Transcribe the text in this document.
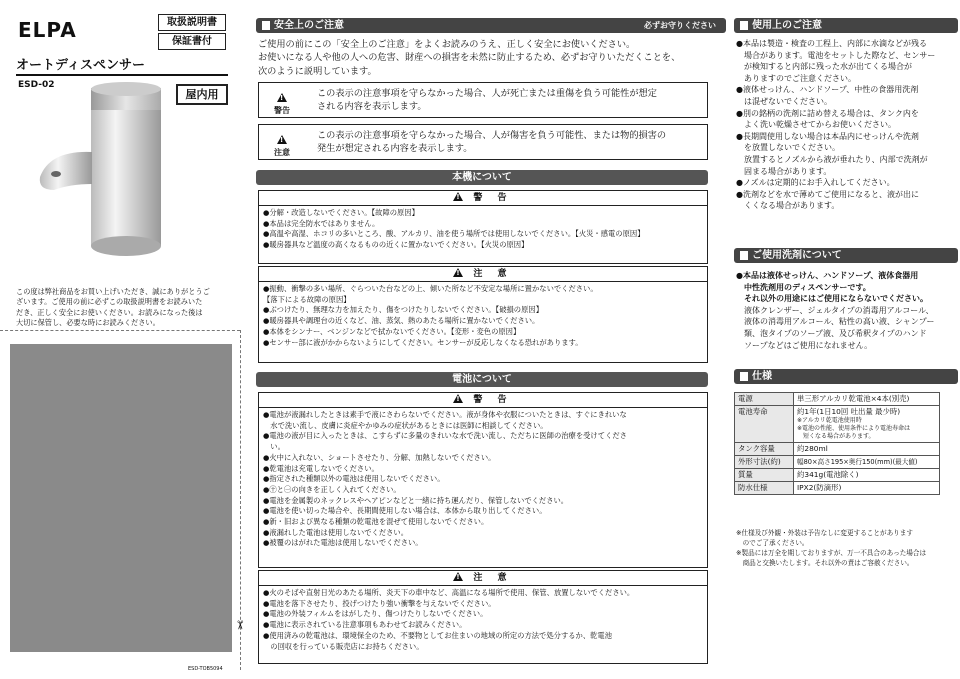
ELPA	取扱説明書
保証書付
オートディスペンサー
ESD-02
屋内用
この度は弊社商品をお買い上げいただき、誠にありがとうご
ざいます。ご使用の前に必ずこの取扱説明書をお読みいた
だき、正しく安全にお使いください。お読みになった後は
大切に保管し、必要な時にお読みください。
✂
ESD-TOB5094
安全上のご注意	必ずお守りください
ご使用の前にこの「安全上のご注意」をよくお読みのうえ、正しく安全にお使いください。
お使いになる人や他の人への危害、財産への損害を未然に防止するため、必ずお守りいただくことを、
次のように説明しています。
!
警告
この表示の注意事項を守らなかった場合、人が死亡または重傷を負う可能性が想定
される内容を表示します。
!
注意
この表示の注意事項を守らなかった場合、人が傷害を負う可能性、または物的損害の
発生が想定される内容を表示します。
本機について
!警 告
●分解・改造しないでください。【故障の原因】
●本品は完全防水ではありません。
●高温や高湿、ホコリの多いところ、酸、アルカリ、油を使う場所では使用しないでください。【火災・感電の原因】
●暖房器具など温度の高くなるものの近くに置かないでください。【火災の原因】
!注 意
●振動、衝撃の多い場所、ぐらついた台などの上、傾いた所など不安定な場所に置かないでください。
【落下による故障の原因】
●ぶつけたり、無理な力を加えたり、傷をつけたりしないでください。【破損の原因】
●暖房器具や調理台の近くなど、油、蒸気、熱のあたる場所に置かないでください。
●本体をシンナー、ベンジンなどで拭かないでください。【変形・変色の原因】
●センサー部に液がかからないようにしてください。センサーが反応しなくなる恐れがあります。
電池について
!警 告
●電池が液漏れしたときは素手で液にさわらないでください。液が身体や衣服についたときは、すぐにきれいな
　水で洗い流し、皮膚に炎症やかゆみの症状があるときには医師に相談してください。
●電池の液が目に入ったときは、こすらずに多量のきれいな水で洗い流し、ただちに医師の治療を受けてくださ
　い。
●火中に入れない、ショートさせたり、分解、加熱しないでください。
●乾電池は充電しないでください。
●指定された種類以外の電池は使用しないでください。
●㊉と㊀の向きを正しく入れてください。
●電池を金属製のネックレスやヘアピンなどと一緒に持ち運んだり、保管しないでください。
●電池を使い切った場合や、長期間使用しない場合は、本体から取り出してください。
●新・旧および異なる種類の乾電池を混ぜて使用しないでください。
●液漏れした電池は使用しないでください。
●被覆のはがれた電池は使用しないでください。
!注 意
●火のそばや直射日光のあたる場所、炎天下の車中など、高温になる場所で使用、保管、放置しないでください。
●電池を落下させたり、投げつけたり強い衝撃を与えないでください。
●電池の外装フィルムをはがしたり、傷つけたりしないでください。
●電池に表示されている注意事項もあわせてお読みください。
●使用済みの乾電池は、環境保全のため、不要物としてお住まいの地域の所定の方法で処分するか、乾電池
　の回収を行っている販売店にお持ちください。
使用上のご注意
●本品は製造・検査の工程上、内部に水滴などが残る
　場合があります。電池をセットした際など、センサー
　が検知すると内部に残った水が出てくる場合が
　ありますのでご注意ください。
●液体せっけん、ハンドソープ、中性の食器用洗剤
　は混ぜないでください。
●別の銘柄の洗剤に詰め替える場合は、タンク内を
　よく洗い乾燥させてからお使いください。
●長期間使用しない場合は本品内にせっけんや洗剤
　を放置しないでください。
　放置するとノズルから液が垂れたり、内部で洗剤が
　固まる場合があります。
●ノズルは定期的にお手入れしてください。
●洗剤などを水で薄めてご使用になると、液が出に
　くくなる場合があります。
ご使用洗剤について
●本品は液体せっけん、ハンドソープ、液体食器用
　中性洗剤用のディスペンサーです。
　それ以外の用途にはご使用にならないでください。
　液体クレンザー、ジェルタイプの消毒用アルコール、
　液体の消毒用アルコール、粘性の高い液、シャンプー
　類、泡タイプのソープ液、及び希釈タイプのハンド
　ソープなどはご使用になれません。
仕様
電源	単三形アルカリ乾電池×4本(別売)
電池寿命	約1年(1日10回 吐出量 最少時)
※アルカリ乾電池使用時
※電池の性能、使用条件により電池寿命は
　短くなる場合があります。

タンク容量	約280ml
外形寸法(約)	幅80×高さ195×奥行150(mm)(最大値)
質量	約341g(電池除く)
防水仕様	IPX2(防滴形)
※仕様及び外観・外装は予告なしに変更することがあります
　のでご了承ください。
※製品には万全を期しておりますが、万一不具合のあった場合は
　商品と交換いたします。それ以外の責はご容赦ください。
